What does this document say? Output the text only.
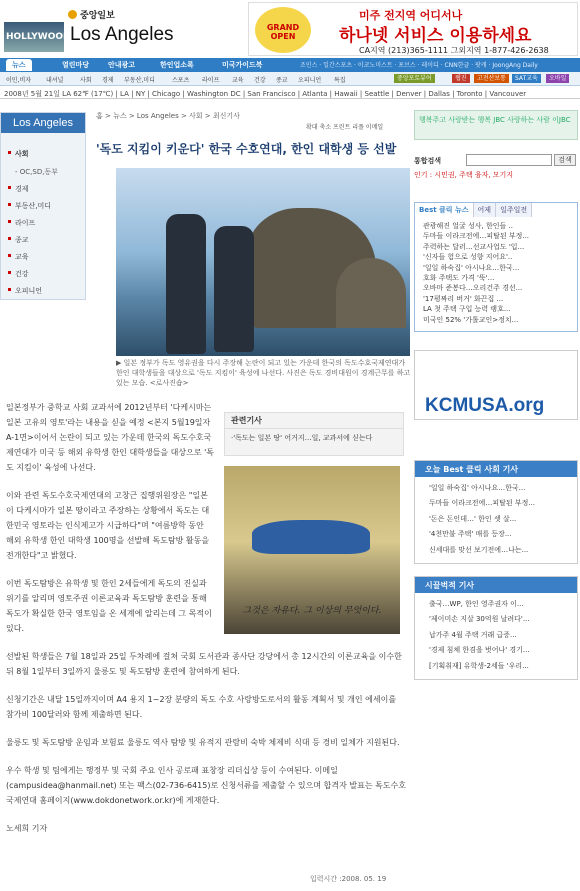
HOLLYWOOD
중앙일보
Los Angeles	GRAND OPEN
미주 전지역 어디서나
하나넷 서비스 이용하세요
CA지역 (213)365-1111 그외지역 1-877-426-2638
뉴스	열린마당	안내광고	한인업소록	미국가이드북	조인스 · 일간스포츠 · 이코노미스트 · 포브스 · 레이디 · CNN한글 · 팟캐 · JoongAng Daily
이민,비자 내셔널	사회 경제 부동산,미디	스포츠 라이프 교육 건강 종교 오피니언 특집	중앙포토뷰어	웹진	고전산보통	SAT교육	오바일
2008년 5월 21일 LA 62℉ (17℃) | LA | NY | Chicago | Washington DC | San Francisco | Atlanta | Hawaii | Seattle | Denver | Dallas | Toronto | Vancouver
Los Angeles
사회
- OC,SD,동부
경제
부동산,미디
라이프
종교
교육
건강
오피니언
홈 > 뉴스 > Los Angeles > 사회 > 최신기사
확대 축소 프린트 리플 이메일
'독도 지킴이 키운다' 한국 수호연대, 한인 대학생 등 선발
▶ 일본 정부가 독도 영유권을 다시 주장해 논란이 되고 있는 가운데 한국의 독도수호국제연대가 한인 대학생들을 대상으로 '독도 지킴이' 육성에 나선다. 사진은 독도 경비대원이 경계근무를 하고 있는 모습. <로사진숍>

일본정부가 중학교 사회 교과서에 2012년부터 '다케시마는 일본 고유의 영토'라는 내용을 싣을 예정 <본지 5월19일자 A-1면>이어서 논란이 되고 있는 가운데 한국의 독도수호국제연대가 미국 등 해외 유학생 한인 대학생들을 대상으로 '독도 지킴이' 육성에 나선다.

이와 관련 독도수호국제연대의 고창근 집행위원장은 "일본이 다케시마가 일본 땅이라고 주장하는 상황에서 독도는 대한민국 영토라는 인식제고가 시급하다"며 "여름방학 동안 해외 유학생 한인 대학생 100명을 선발해 독도탐방 활동을 전개한다"고 밝혔다.

이번 독도탐방은 유학생 및 한인 2세들에게 독도의 진실과 위기를 알리며 영토주권 이론교육과 독도탐방 훈련을 통해 독도가 확실한 한국 영토임을 온 세계에 알리는데 그 목적이 있다.

선발된 학생들은 7월 18일과 25일 두차례에 걸쳐 국회 도서관과 종사단 강당에서 총 12시간의 이론교육을 이수한 뒤 8월 1일부터 3일까지 울릉도 및 독도탐방 훈련에 참여하게 된다.

신청기간은 내달 15일까지이며 A4 용지 1~2장 분량의 독도 수호 사랑방도로서의 활동 계획서 및 개인 에세이를 참가비 100달러와 함께 제출하면 된다.

울릉도 및 독도탐방 운임과 보험료 울릉도 역사 탐방 및 유적지 관람비 숙박 체제비 식대 등 경비 일체가 지원된다.

우수 학생 및 팀에게는 행정부 및 국회 주요 인사 공로패 표창장 리더십상 등이 수여된다. 이메일(campusidea@hanmail.net) 또는 팩스(02-736-6415)로 신청서류를 제출할 수 있으며 합격자 발표는 독도수호국제연대 홈페이지(www.dokdonetwork.or.kr)에 게재한다.

노세희 기자

관련기사
·'독도는 일본 땅' 어거지…일, 교과서에 싣는다
그것은 자유다. 그 이상의 무엇이다.
입력시간 :2008. 05. 19
행복주고 사랑받는 행복 JBC 사랑하는 사람 이JBC
통합검색	검색
인기 : 시민권, 주택 융자, 모기지
Best 클릭 뉴스 어제 일주일전
관광해진 얼굴 성사, 한인들 ..
두마들 이라크전에…피탈된 부정...
주력하는 달러…선교사업도 '입...
'신자들 험으로 성향 지어요'..
'일일 하숙집' 아시나요…한국...
호화 주택도 가격 '뚝'...
오바마 준봉다…오리건주 경선...
'17평짜리 버거' 화끈집 ...
LA 첫 주택 구입 능력 랭호...
미국인 52% '가톨교인>정치...
KCMUSA.org
오늘 Best 클릭 사회 기사
'일일 하숙집' 아시나요…한국...
두마들 이라크전에…피탈된 부정...
'돈은 돈인데…' 한인 셋 살...
'4천만불 주택' 매를 등장...
신세대를 맞선 보기전에…나는...
시끌벅적 기사
출국…WP, 한인 영주권자 이...
'제이미손 지살 30억원 날려다'...
납가주 4월 주택 거래 급증...
'경제 침체 한겸을 벗어나' 경기...
[기획취재] 유학생-2세들 '우리...
